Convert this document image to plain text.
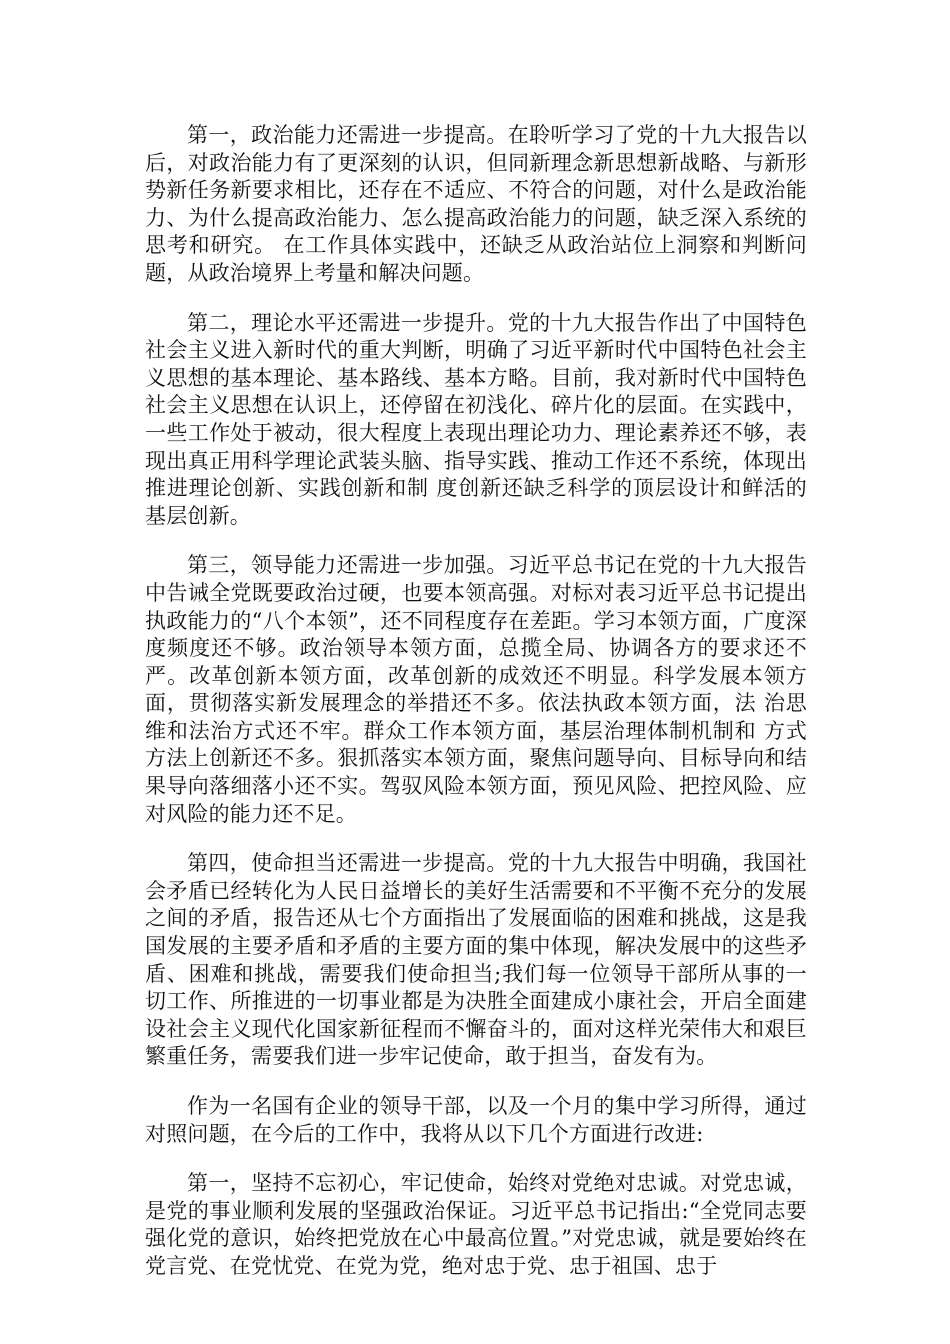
第一，政治能力还需进一步提高。在聆听学习了党的十九大报告以后，对政治能力有了更深刻的认识，但同新理念新思想新战略、与新形势新任务新要求相比，还存在不适应、不符合的问题，对什么是政治能力、为什么提高政治能力、怎么提高政治能力的问题，缺乏深入系统的思考和研究。 在工作具体实践中，还缺乏从政治站位上洞察和判断问题，从政治境界上考量和解决问题。

第二，理论水平还需进一步提升。党的十九大报告作出了中国特色社会主义进入新时代的重大判断，明确了习近平新时代中国特色社会主义思想的基本理论、基本路线、基本方略。目前，我对新时代中国特色社会主义思想在认识上，还停留在初浅化、碎片化的层面。在实践中，一些工作处于被动，很大程度上表现出理论功力、理论素养还不够，表现出真正用科学理论武装头脑、指导实践、推动工作还不系统，体现出推进理论创新、实践创新和制 度创新还缺乏科学的顶层设计和鲜活的基层创新。

第三，领导能力还需进一步加强。习近平总书记在党的十九大报告中告诫全党既要政治过硬，也要本领高强。对标对表习近平总书记提出执政能力的“八个本领”，还不同程度存在差距。学习本领方面，广度深度频度还不够。政治领导本领方面，总揽全局、协调各方的要求还不严。改革创新本领方面，改革创新的成效还不明显。科学发展本领方面，贯彻落实新发展理念的举措还不多。依法执政本领方面，法 治思维和法治方式还不牢。群众工作本领方面，基层治理体制机制和 方式方法上创新还不多。狠抓落实本领方面，聚焦问题导向、目标导向和结果导向落细落小还不实。驾驭风险本领方面，预见风险、把控风险、应对风险的能力还不足。

第四，使命担当还需进一步提高。党的十九大报告中明确，我国社会矛盾已经转化为人民日益增长的美好生活需要和不平衡不充分的发展之间的矛盾，报告还从七个方面指出了发展面临的困难和挑战，这是我国发展的主要矛盾和矛盾的主要方面的集中体现，解决发展中的这些矛盾、困难和挑战，需要我们使命担当;我们每一位领导干部所从事的一切工作、所推进的一切事业都是为决胜全面建成小康社会，开启全面建设社会主义现代化国家新征程而不懈奋斗的，面对这样光荣伟大和艰巨繁重任务，需要我们进一步牢记使命，敢于担当，奋发有为。

作为一名国有企业的领导干部，以及一个月的集中学习所得，通过对照问题，在今后的工作中，我将从以下几个方面进行改进:

第一，坚持不忘初心，牢记使命，始终对党绝对忠诚。对党忠诚，是党的事业顺利发展的坚强政治保证。习近平总书记指出:“全党同志要强化党的意识，始终把党放在心中最高位置。”对党忠诚，就是要始终在党言党、在党忧党、在党为党，绝对忠于党、忠于祖国、忠于
